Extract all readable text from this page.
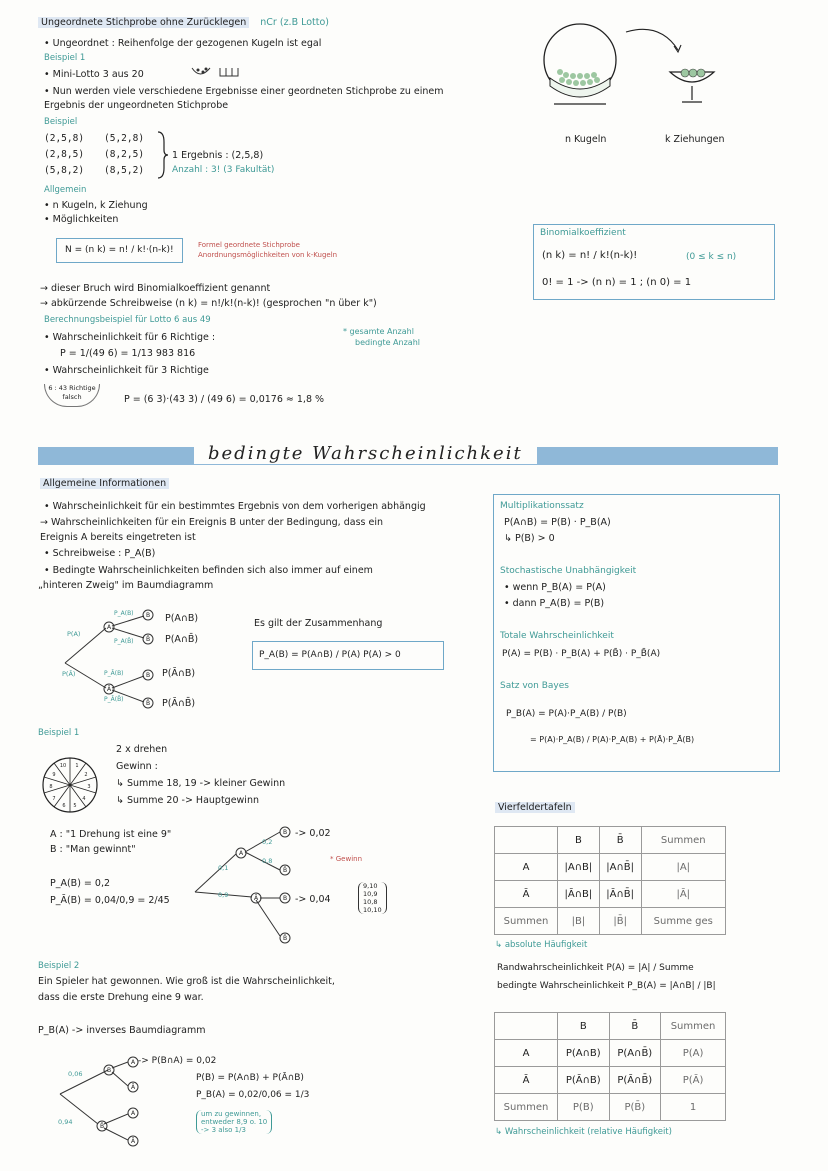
Ungeordnete Stichprobe ohne Zurücklegen nCr (z.B Lotto)
• Ungeordnet : Reihenfolge der gezogenen Kugeln ist egal
Beispiel 1
• Mini-Lotto 3 aus 20
• Nun werden viele verschiedene Ergebnisse einer geordneten Stichprobe zu einem
Ergebnis der ungeordneten Stichprobe
Beispiel
(2,5,8)
(2,8,5)
(5,8,2)
(5,2,8)
(8,2,5)
(8,5,2)
1 Ergebnis : (2,5,8)
Anzahl : 3! (3 Fakultät)
Allgemein
• n Kugeln, k Ziehung
• Möglichkeiten
N = (n k) = n! / k!·(n-k)!	Formel geordnete Stichprobe
Anordnungsmöglichkeiten von k-Kugeln
→ dieser Bruch wird Binomialkoeffizient genannt
→ abkürzende Schreibweise (n k) = n!/k!(n-k)! (gesprochen "n über k")
Berechnungsbeispiel für Lotto 6 aus 49
• Wahrscheinlichkeit für 6 Richtige :
P = 1/(49 6) = 1/13 983 816
* gesamte Anzahl
bedingte Anzahl
• Wahrscheinlichkeit für 3 Richtige
6 : 43 Richtige falsch	P = (6 3)·(43 3) / (49 6) = 0,0176 ≈ 1,8 %
n Kugeln	k Ziehungen
Binomialkoeffizient
(n k) = n! / k!(n-k)!	(0 ≤ k ≤ n)
0! = 1 -> (n n) = 1 ; (n 0) = 1
bedingte Wahrscheinlichkeit
Allgemeine Informationen
• Wahrscheinlichkeit für ein bestimmtes Ergebnis von dem vorherigen abhängig
→ Wahrscheinlichkeiten für ein Ereignis B unter der Bedingung, dass ein
Ereignis A bereits eingetreten ist
• Schreibweise : P_A(B)
• Bedingte Wahrscheinlichkeiten befinden sich also immer auf einem
„hinteren Zweig" im Baumdiagramm
A
Ā
B
B̄
B
B̄
P(A)
P(Ā)
P_A(B)
P_A(B̄)
P_Ā(B)
P_Ā(B̄)
P(A∩B)
P(A∩B̄)
P(Ā∩B)
P(Ā∩B̄)
Es gilt der Zusammenhang
P_A(B) = P(A∩B) / P(A) P(A) > 0
Multiplikationssatz
P(A∩B) = P(B) · P_B(A)
↳ P(B) > 0
Stochastische Unabhängigkeit
• wenn P_B(A) = P(A)
• dann P_A(B) = P(B)
Totale Wahrscheinlichkeit
P(A) = P(B) · P_B(A) + P(B̄) · P_B̄(A)
Satz von Bayes
P_B(A) = P(A)·P_A(B) / P(B)
= P(A)·P_A(B) / P(A)·P_A(B) + P(Ā)·P_Ā(B)
Beispiel 1
10 1
2
3
4
5
6
7
8
9
2 x drehen
Gewinn :
↳ Summe 18, 19 -> kleiner Gewinn
↳ Summe 20 -> Hauptgewinn
A : "1 Drehung ist eine 9"
B : "Man gewinnt"
P_A(B) = 0,2
P_Ā(B) = 0,04/0,9 = 2/45
A
Ā
B
B̄
B
B̄
0,1
0,9
0,2
0,8
-> 0,02
-> 0,04
* Gewinn
9,10
10,9
10,8
10,10
Vierfeldertafeln
	B	B̄	Summen
A	|A∩B|	|A∩B̄|	|A|
Ā	|Ā∩B|	|Ā∩B̄|	|Ā|
Summen	|B|	|B̄|	Summe ges
↳ absolute Häufigkeit
Randwahrscheinlichkeit P(A) = |A| / Summe
bedingte Wahrscheinlichkeit P_B(A) = |A∩B| / |B|
	B	B̄	Summen
A	P(A∩B)	P(A∩B̄)	P(A)
Ā	P(Ā∩B)	P(Ā∩B̄)	P(Ā)
Summen	P(B)	P(B̄)	1
↳ Wahrscheinlichkeit (relative Häufigkeit)
Beispiel 2
Ein Spieler hat gewonnen. Wie groß ist die Wahrscheinlichkeit,
dass die erste Drehung eine 9 war.
P_B(A) -> inverses Baumdiagramm
B
B̄
A
Ā
A
Ā
0,06
0,94
-> P(B∩A) = 0,02
P(B) = P(A∩B) + P(Ā∩B)
P_B(A) = 0,02/0,06 = 1/3
um zu gewinnen,
entweder 8,9 o. 10
-> 3 also 1/3
